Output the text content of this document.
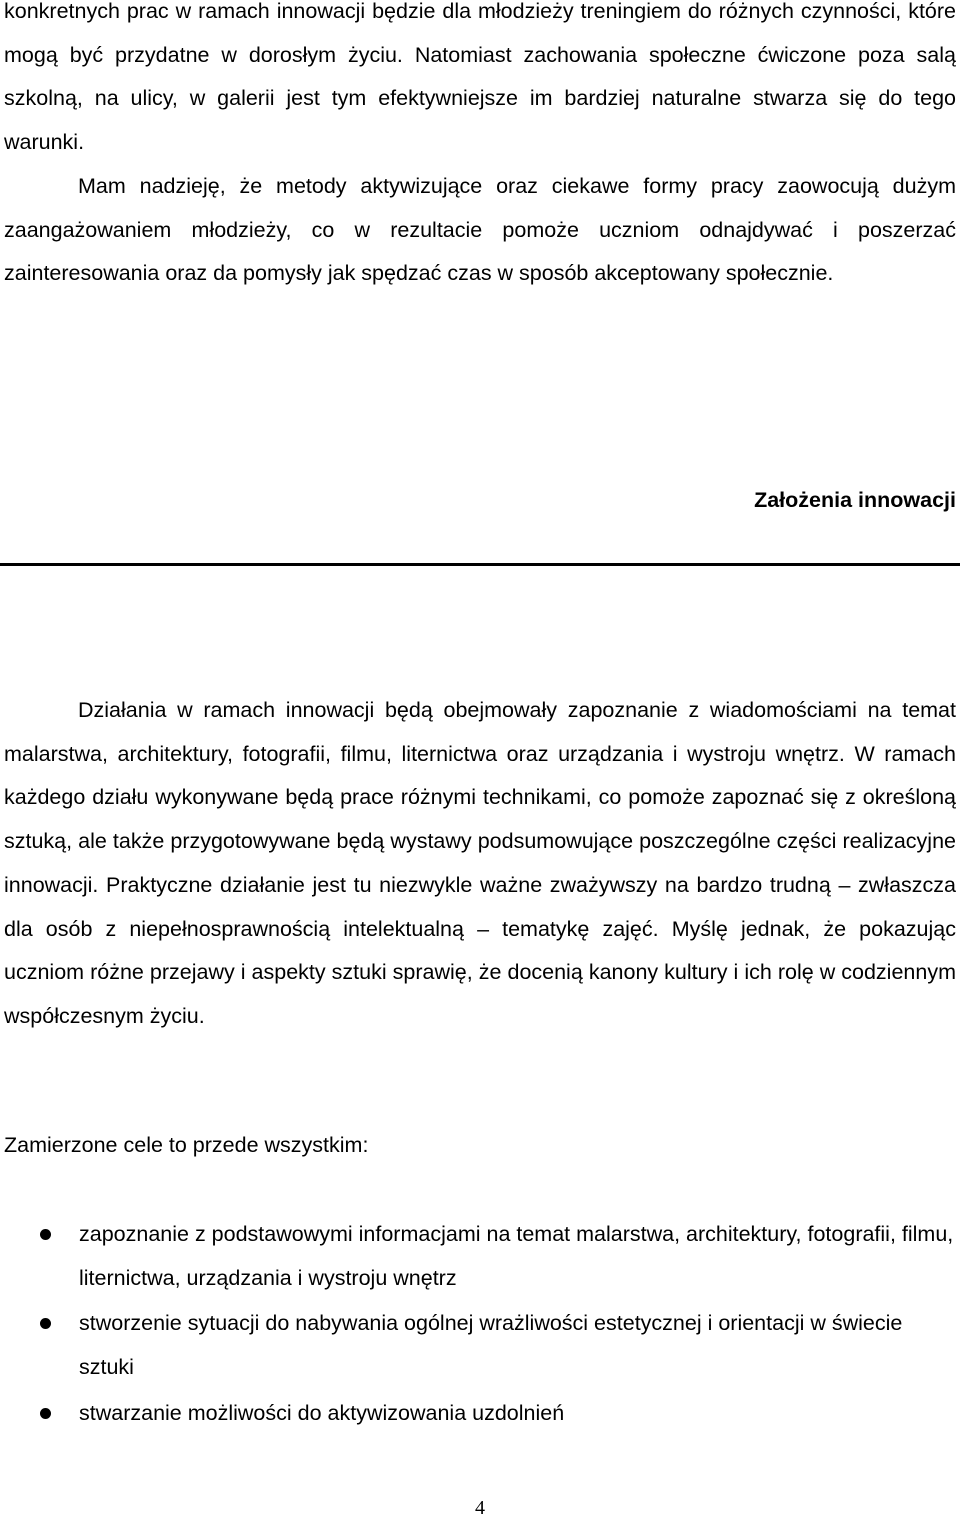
konkretnych prac w ramach innowacji będzie dla młodzieży treningiem do różnych czynności, które mogą być przydatne w dorosłym życiu. Natomiast zachowania społeczne ćwiczone poza salą szkolną, na ulicy, w galerii jest tym efektywniejsze im bardziej naturalne stwarza się do tego warunki.

Mam nadzieję, że metody aktywizujące oraz ciekawe formy pracy zaowocują dużym zaangażowaniem młodzieży, co w rezultacie pomoże uczniom odnajdywać i poszerzać zainteresowania oraz da pomysły jak spędzać czas w sposób akceptowany społecznie.

Założenia innowacji

Działania w ramach innowacji będą obejmowały zapoznanie z wiadomościami na temat malarstwa, architektury, fotografii, filmu, liternictwa oraz urządzania i wystroju wnętrz. W ramach każdego działu wykonywane będą prace różnymi technikami, co pomoże zapoznać się z określoną sztuką, ale także przygotowywane będą wystawy podsumowujące poszczególne części realizacyjne innowacji. Praktyczne działanie jest tu niezwykle ważne zważywszy na bardzo trudną – zwłaszcza dla osób z niepełnosprawnością intelektualną – tematykę zajęć. Myślę jednak, że pokazując uczniom różne przejawy i aspekty sztuki sprawię, że docenią kanony kultury i ich rolę w codziennym współczesnym życiu.

Zamierzone cele to przede wszystkim:

zapoznanie z podstawowymi informacjami na temat malarstwa, architektury, fotografii, filmu, liternictwa, urządzania i wystroju wnętrz
stworzenie sytuacji do nabywania ogólnej wrażliwości estetycznej i orientacji w świecie sztuki
stwarzanie możliwości do aktywizowania uzdolnień
4
